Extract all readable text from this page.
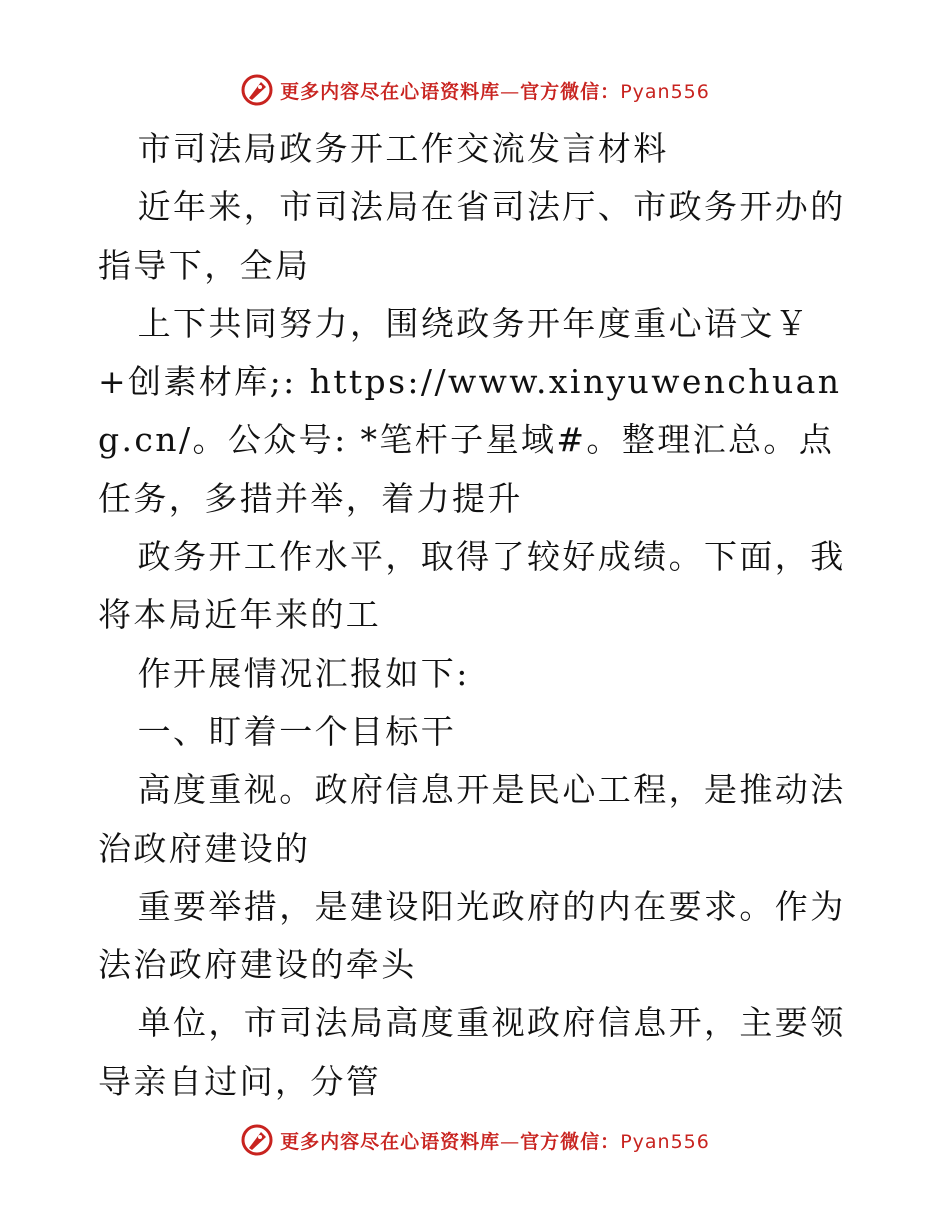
更多内容尽在心语资料库—官方微信：Pyan556

市司法局政务开工作交流发言材料

近年来，市司法局在省司法厅、市政务开办的指导下，全局

上下共同努力，围绕政务开年度重心语文￥+创素材库;: https://www.xinyuwenchuang.cn/。公众号: *笔杆子星域#。整理汇总。点任务，多措并举，着力提升

政务开工作水平，取得了较好成绩。下面，我将本局近年来的工

作开展情况汇报如下:

一、盯着一个目标干

高度重视。政府信息开是民心工程，是推动法治政府建设的

重要举措，是建设阳光政府的内在要求。作为法治政府建设的牵头

单位，市司法局高度重视政府信息开，主要领导亲自过问，分管

更多内容尽在心语资料库—官方微信：Pyan556
